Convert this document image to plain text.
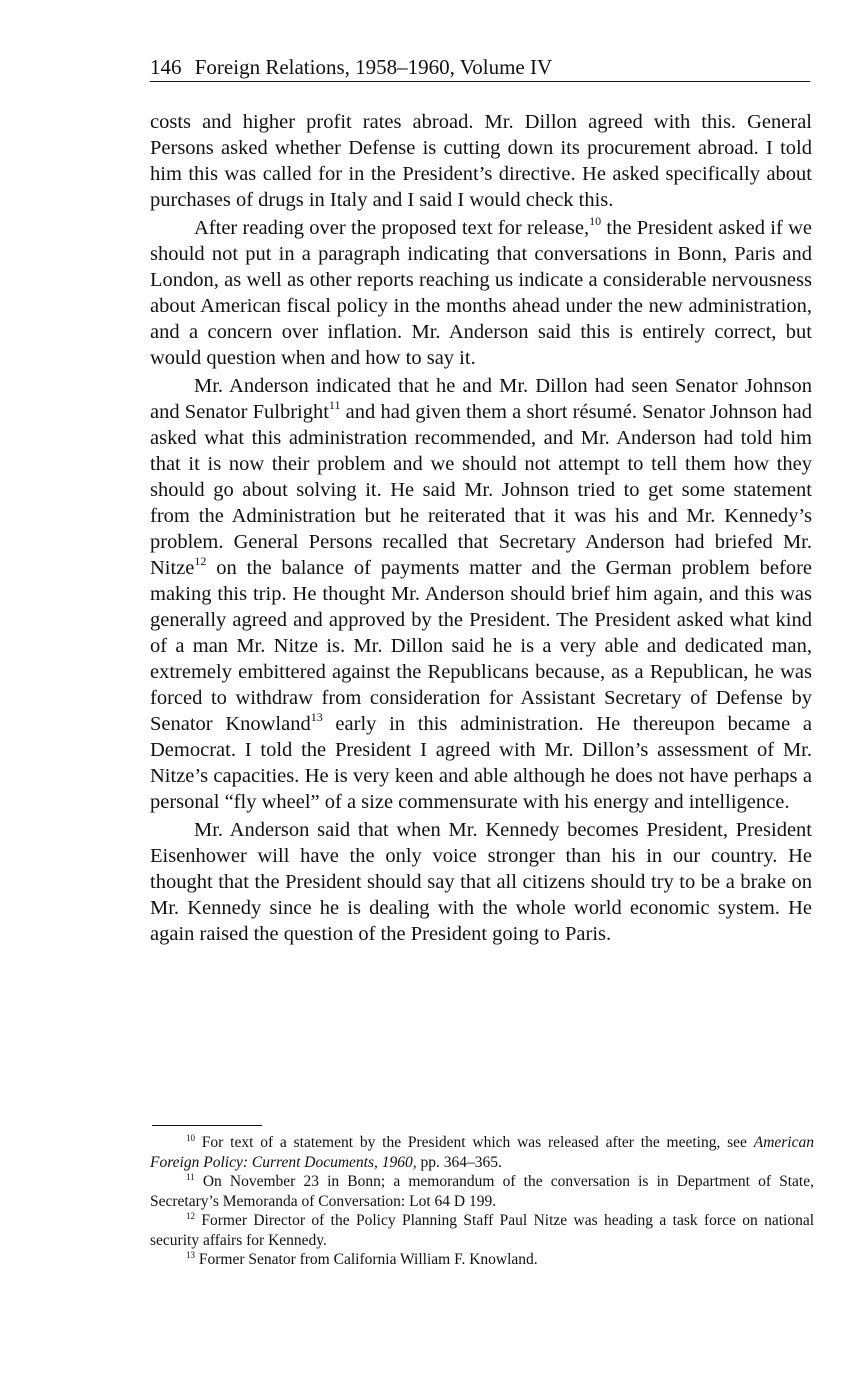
146 Foreign Relations, 1958–1960, Volume IV

costs and higher profit rates abroad. Mr. Dillon agreed with this. General Persons asked whether Defense is cutting down its procurement abroad. I told him this was called for in the President’s directive. He asked specifically about purchases of drugs in Italy and I said I would check this.

After reading over the proposed text for release,$^{10}$ the President asked if we should not put in a paragraph indicating that conversations in Bonn, Paris and London, as well as other reports reaching us indicate a considerable nervousness about American fiscal policy in the months ahead under the new administration, and a concern over inflation. Mr. Anderson said this is entirely correct, but would question when and how to say it.

Mr. Anderson indicated that he and Mr. Dillon had seen Senator Johnson and Senator Fulbright$^{11}$ and had given them a short résumé. Senator Johnson had asked what this administration recommended, and Mr. Anderson had told him that it is now their problem and we should not attempt to tell them how they should go about solving it. He said Mr. Johnson tried to get some statement from the Administration but he reiterated that it was his and Mr. Kennedy’s problem. General Persons recalled that Secretary Anderson had briefed Mr. Nitze$^{12}$ on the balance of payments matter and the German problem before making this trip. He thought Mr. Anderson should brief him again, and this was generally agreed and approved by the President. The President asked what kind of a man Mr. Nitze is. Mr. Dillon said he is a very able and dedicated man, extremely embittered against the Republicans because, as a Republican, he was forced to withdraw from consideration for Assistant Secretary of Defense by Senator Knowland$^{13}$ early in this administration. He thereupon became a Democrat. I told the President I agreed with Mr. Dillon’s assessment of Mr. Nitze’s capacities. He is very keen and able although he does not have perhaps a personal “fly wheel” of a size commensurate with his energy and intelligence.

Mr. Anderson said that when Mr. Kennedy becomes President, President Eisenhower will have the only voice stronger than his in our country. He thought that the President should say that all citizens should try to be a brake on Mr. Kennedy since he is dealing with the whole world economic system. He again raised the question of the President going to Paris.

$^{10}$ For text of a statement by the President which was released after the meeting, see American Foreign Policy: Current Documents, 1960, pp. 364–365.

$^{11}$ On November 23 in Bonn; a memorandum of the conversation is in Department of State, Secretary’s Memoranda of Conversation: Lot 64 D 199.

$^{12}$ Former Director of the Policy Planning Staff Paul Nitze was heading a task force on national security affairs for Kennedy.

$^{13}$ Former Senator from California William F. Knowland.
